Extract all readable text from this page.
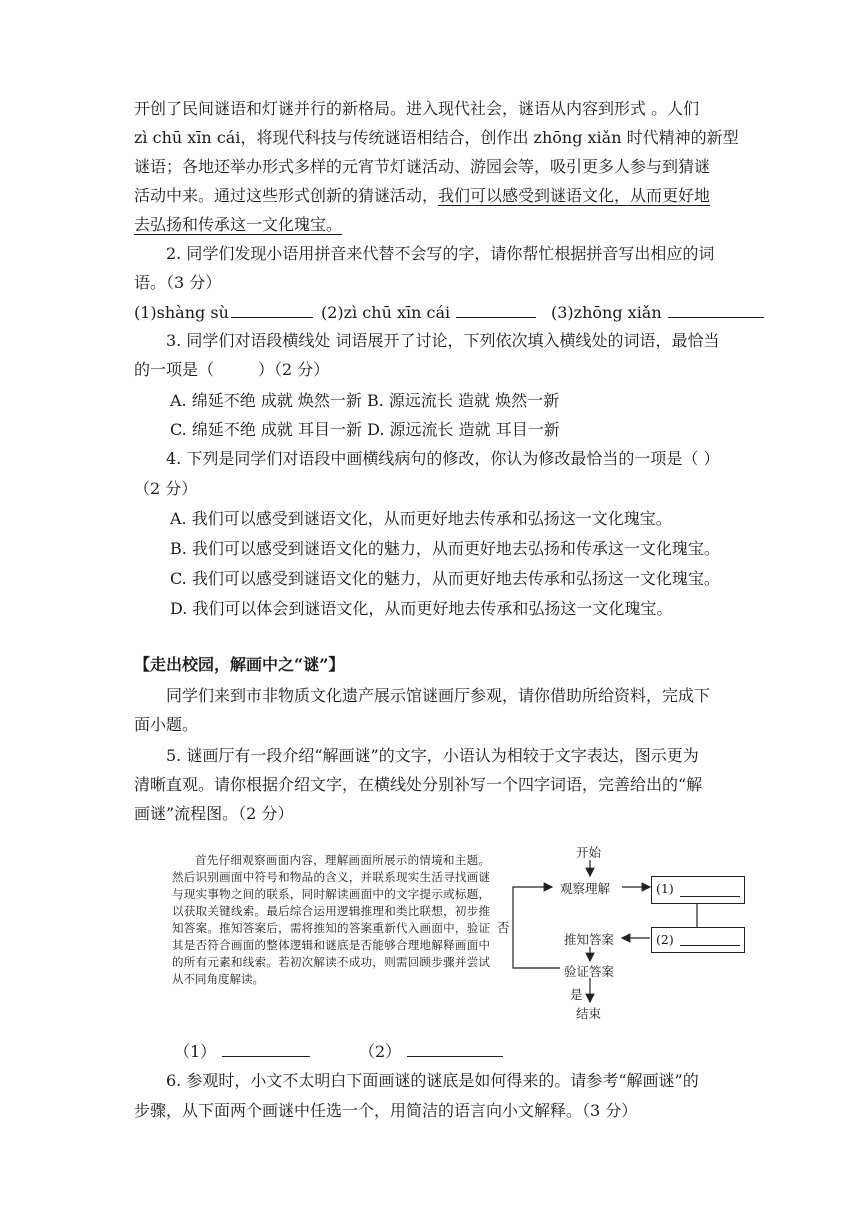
开创了民间谜语和灯谜并行的新格局。进入现代社会，谜语从内容到形式 。人们
zì chū xīn cái，将现代科技与传统谜语相结合，创作出 zhōng xiǎn 时代精神的新型
谜语；各地还举办形式多样的元宵节灯谜活动、游园会等，吸引更多人参与到猜谜
活动中来。通过这些形式创新的猜谜活动，我们可以感受到谜语文化，从而更好地
去弘扬和传承这一文化瑰宝。
2. 同学们发现小语用拼音来代替不会写的字，请你帮忙根据拼音写出相应的词
语。（3 分）
(1)shàng sù	(2)zì chū xīn cái	(3)zhōng xiǎn
3. 同学们对语段横线处 词语展开了讨论，下列依次填入横线处的词语，最恰当
的一项是（	）（2 分）
A. 绵延不绝 成就 焕然一新 B. 源远流长 造就 焕然一新
C. 绵延不绝 成就 耳目一新 D. 源远流长 造就 耳目一新
4. 下列是同学们对语段中画横线病句的修改，你认为修改最恰当的一项是（ ）
（2 分）
A. 我们可以感受到谜语文化，从而更好地去传承和弘扬这一文化瑰宝。
B. 我们可以感受到谜语文化的魅力，从而更好地去弘扬和传承这一文化瑰宝。
C. 我们可以感受到谜语文化的魅力，从而更好地去传承和弘扬这一文化瑰宝。
D. 我们可以体会到谜语文化，从而更好地去传承和弘扬这一文化瑰宝。
【走出校园，解画中之“谜”】
同学们来到市非物质文化遗产展示馆谜画厅参观，请你借助所给资料，完成下
面小题。
5. 谜画厅有一段介绍“解画谜”的文字，小语认为相较于文字表达，图示更为
清晰直观。请你根据介绍文字，在横线处分别补写一个四字词语，完善给出的“解
画谜”流程图。（2 分）

首先仔细观察画面内容，理解画面所展示的情境和主题。然后识别画面中符号和物品的含义，并联系现实生活寻找画谜与现实事物之间的联系，同时解读画面中的文字提示或标题，以获取关键线索。最后综合运用逻辑推理和类比联想，初步推知答案。推知答案后，需将推知的答案重新代入画面中，验证其是否符合画面的整体逻辑和谜底是否能够合理地解释画面中的所有元素和线索。若初次解读不成功，则需回顾步骤并尝试从不同角度解读。

开始
观察理解	(1)
(2)
推知答案
验证答案
否
是
结束
（1）	（2）
6. 参观时，小文不太明白下面画谜的谜底是如何得来的。请参考“解画谜”的
步骤，从下面两个画谜中任选一个，用简洁的语言向小文解释。（3 分）
